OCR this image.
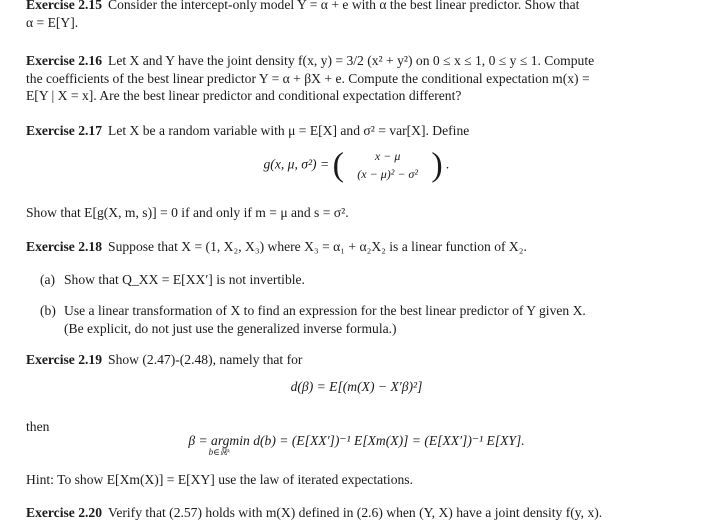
Exercise 2.15 Consider the intercept-only model Y = α + e with α the best linear predictor. Show that
α = E[Y].
Exercise 2.16 Let X and Y have the joint density f(x, y) = 3/2 (x² + y²) on 0 ≤ x ≤ 1, 0 ≤ y ≤ 1. Compute
the coefficients of the best linear predictor Y = α + βX + e. Compute the conditional expectation m(x) =
E[Y | X = x]. Are the best linear predictor and conditional expectation different?
Exercise 2.17 Let X be a random variable with μ = E[X] and σ² = var[X]. Define
g(x, μ, σ²) = (	x − μ
(x − μ)² − σ² ) .
Show that E[g(X, m, s)] = 0 if and only if m = μ and s = σ².
Exercise 2.18 Suppose that X = (1, X₂, X₃) where X₃ = α₁ + α₂X₂ is a linear function of X₂.
(a) Show that Q_XX = E[XX′] is not invertible.
(b) Use a linear transformation of X to find an expression for the best linear predictor of Y given X.
(Be explicit, do not just use the generalized inverse formula.)
Exercise 2.19 Show (2.47)-(2.48), namely that for
d(β) = E[(m(X) − X′β)²]
then
β = argmin
b∈ℝᵏ
d(b) = (E[XX′])⁻¹ E[Xm(X)] = (E[XX′])⁻¹ E[XY].
Hint: To show E[Xm(X)] = E[XY] use the law of iterated expectations.
Exercise 2.20 Verify that (2.57) holds with m(X) defined in (2.6) when (Y, X) have a joint density f(y, x).
